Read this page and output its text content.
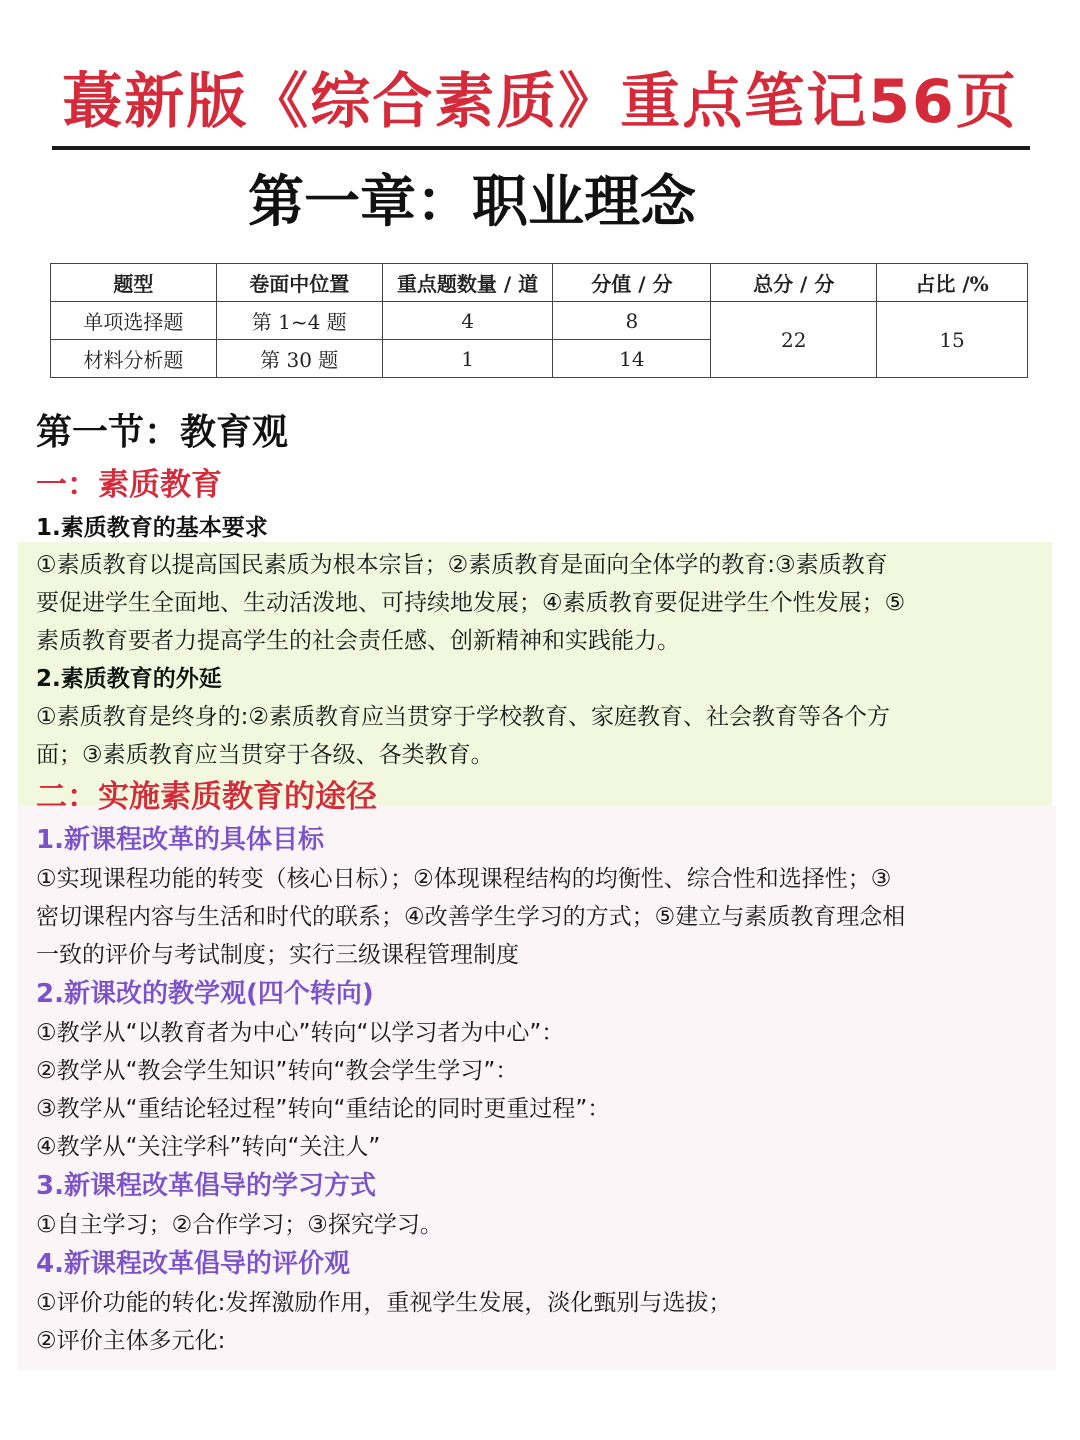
蕞新版《综合素质》重点笔记56页
第一章：职业理念
题型	卷面中位置	重点题数量 / 道	分值 / 分	总分 / 分	占比 /%
单项选择题	第 1~4 题	4	8	22	15
材料分析题	第 30 题	1	14		
第一节：教育观
一：素质教育
1.素质教育的基本要求
①素质教育以提高国民素质为根本宗旨；②素质教育是面向全体学的教育:③素质教育
要促进学生全面地、生动活泼地、可持续地发展；④素质教育要促进学生个性发展；⑤
素质教育要者力提高学生的社会责任感、创新精神和实践能力。
2.素质教育的外延
①素质教育是终身的:②素质教育应当贯穿于学校教育、家庭教育、社会教育等各个方
面；③素质教育应当贯穿于各级、各类教育。
二：实施素质教育的途径
1.新课程改革的具体目标
①实现课程功能的转变（核心日标）；②体现课程结构的均衡性、综合性和选择性；③
密切课程内容与生活和时代的联系；④改善学生学习的方式；⑤建立与素质教育理念相
一致的评价与考试制度；实行三级课程管理制度
2.新课改的教学观(四个转向)
①教学从“以教育者为中心”转向“以学习者为中心”：
②教学从“教会学生知识”转向“教会学生学习”：
③教学从“重结论轻过程”转向“重结论的同时更重过程”：
④教学从“关注学科”转向“关注人”
3.新课程改革倡导的学习方式
①自主学习；②合作学习；③探究学习。
4.新课程改革倡导的评价观
①评价功能的转化:发挥激励作用，重视学生发展，淡化甄别与选拔；
②评价主体多元化:
